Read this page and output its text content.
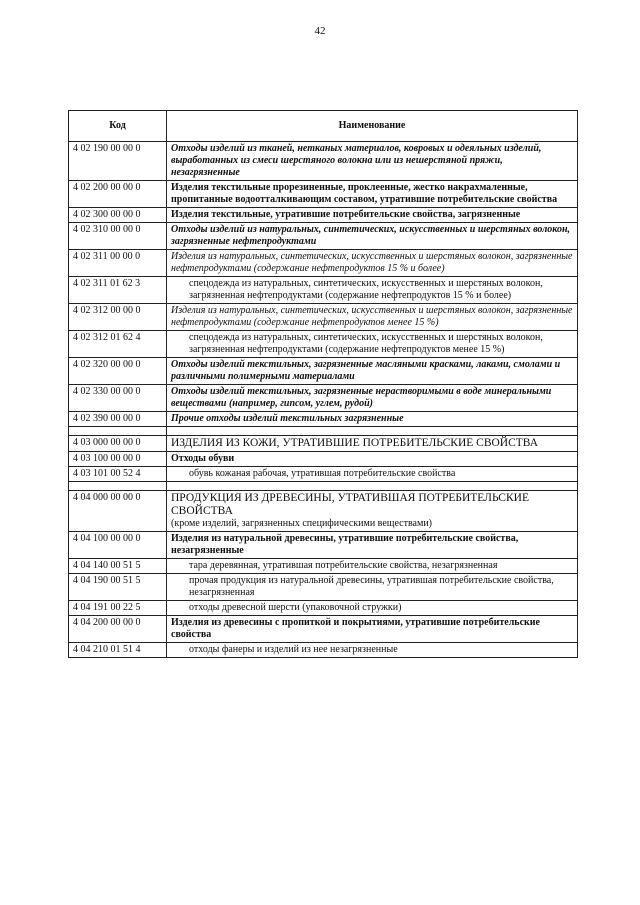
42
Код	Наименование
4 02 190 00 00 0	Отходы изделий из тканей, нетканых материалов, ковровых и одеяльных изделий, выработанных из смеси шерстяного волокна или из нешерстяной пряжи, незагрязненные
4 02 200 00 00 0	Изделия текстильные прорезиненные, проклеенные, жестко накрахмаленные, пропитанные водоотталкивающим составом, утратившие потребительские свойства
4 02 300 00 00 0	Изделия текстильные, утратившие потребительские свойства, загрязненные
4 02 310 00 00 0	Отходы изделий из натуральных, синтетических, искусственных и шерстяных волокон, загрязненные нефтепродуктами
4 02 311 00 00 0	Изделия из натуральных, синтетических, искусственных и шерстяных волокон, загрязненные нефтепродуктами (содержание нефтепродуктов 15 % и более)
4 02 311 01 62 3	спецодежда из натуральных, синтетических, искусственных и шерстяных волокон, загрязненная нефтепродуктами (содержание нефтепродуктов 15 % и более)
4 02 312 00 00 0	Изделия из натуральных, синтетических, искусственных и шерстяных волокон, загрязненные нефтепродуктами (содержание нефтепродуктов менее 15 %)
4 02 312 01 62 4	спецодежда из натуральных, синтетических, искусственных и шерстяных волокон, загрязненная нефтепродуктами (содержание нефтепродуктов менее 15 %)
4 02 320 00 00 0	Отходы изделий текстильных, загрязненные масляными красками, лаками, смолами и различными полимерными материалами
4 02 330 00 00 0	Отходы изделий текстильных, загрязненные нерастворимыми в воде минеральными веществами (например, гипсом, углем, рудой)
4 02 390 00 00 0	Прочие отходы изделий текстильных загрязненные

4 03 000 00 00 0	ИЗДЕЛИЯ ИЗ КОЖИ, УТРАТИВШИЕ ПОТРЕБИТЕЛЬСКИЕ СВОЙСТВА
4 03 100 00 00 0	Отходы обуви
4 03 101 00 52 4	обувь кожаная рабочая, утратившая потребительские свойства

4 04 000 00 00 0	ПРОДУКЦИЯ ИЗ ДРЕВЕСИНЫ, УТРАТИВШАЯ ПОТРЕБИТЕЛЬСКИЕ СВОЙСТВА
(кроме изделий, загрязненных специфическими веществами)

4 04 100 00 00 0	Изделия из натуральной древесины, утратившие потребительские свойства, незагрязненные
4 04 140 00 51 5	тара деревянная, утратившая потребительские свойства, незагрязненная
4 04 190 00 51 5	прочая продукция из натуральной древесины, утратившая потребительские свойства, незагрязненная
4 04 191 00 22 5	отходы древесной шерсти (упаковочной стружки)
4 04 200 00 00 0	Изделия из древесины с пропиткой и покрытиями, утратившие потребительские свойства
4 04 210 01 51 4	отходы фанеры и изделий из нее незагрязненные
